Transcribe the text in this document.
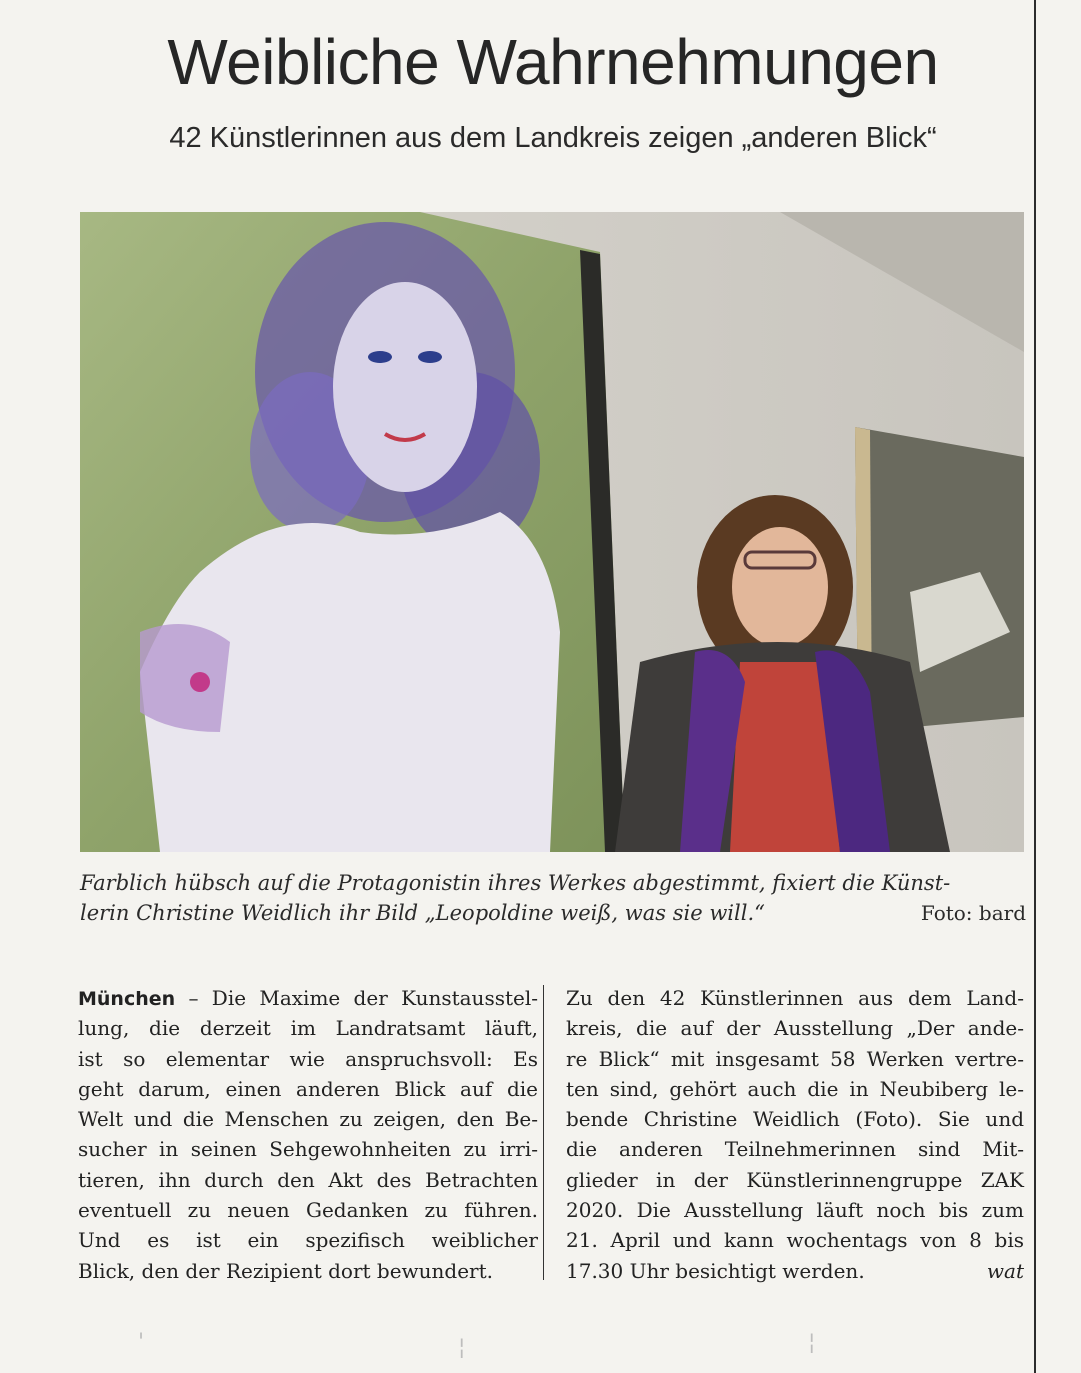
Weibliche Wahrnehmungen
42 Künstlerinnen aus dem Landkreis zeigen „anderen Blick“
Farblich hübsch auf die Protagonistin ihres Werkes abgestimmt, fixiert die Künst-
lerin Christine Weidlich ihr Bild „Leopoldine weiß, was sie will.“	Foto: bard
München – Die Maxime der Kunstausstel-
lung, die derzeit im Landratsamt läuft,
ist so elementar wie anspruchsvoll: Es
geht darum, einen anderen Blick auf die
Welt und die Menschen zu zeigen, den Be-
sucher in seinen Sehgewohnheiten zu irri-
tieren, ihn durch den Akt des Betrachten
eventuell zu neuen Gedanken zu führen.
Und es ist ein spezifisch weiblicher
Blick, den der Rezipient dort bewundert.
Zu den 42 Künstlerinnen aus dem Land-
kreis, die auf der Ausstellung „Der ande-
re Blick“ mit insgesamt 58 Werken vertre-
ten sind, gehört auch die in Neubiberg le-
bende Christine Weidlich (Foto). Sie und
die anderen Teilnehmerinnen sind Mit-
glieder in der Künstlerinnengruppe ZAK
2020. Die Ausstellung läuft noch bis zum
21. April und kann wochentags von 8 bis
17.30 Uhr besichtigt werden.	wat
'	¦	¦
